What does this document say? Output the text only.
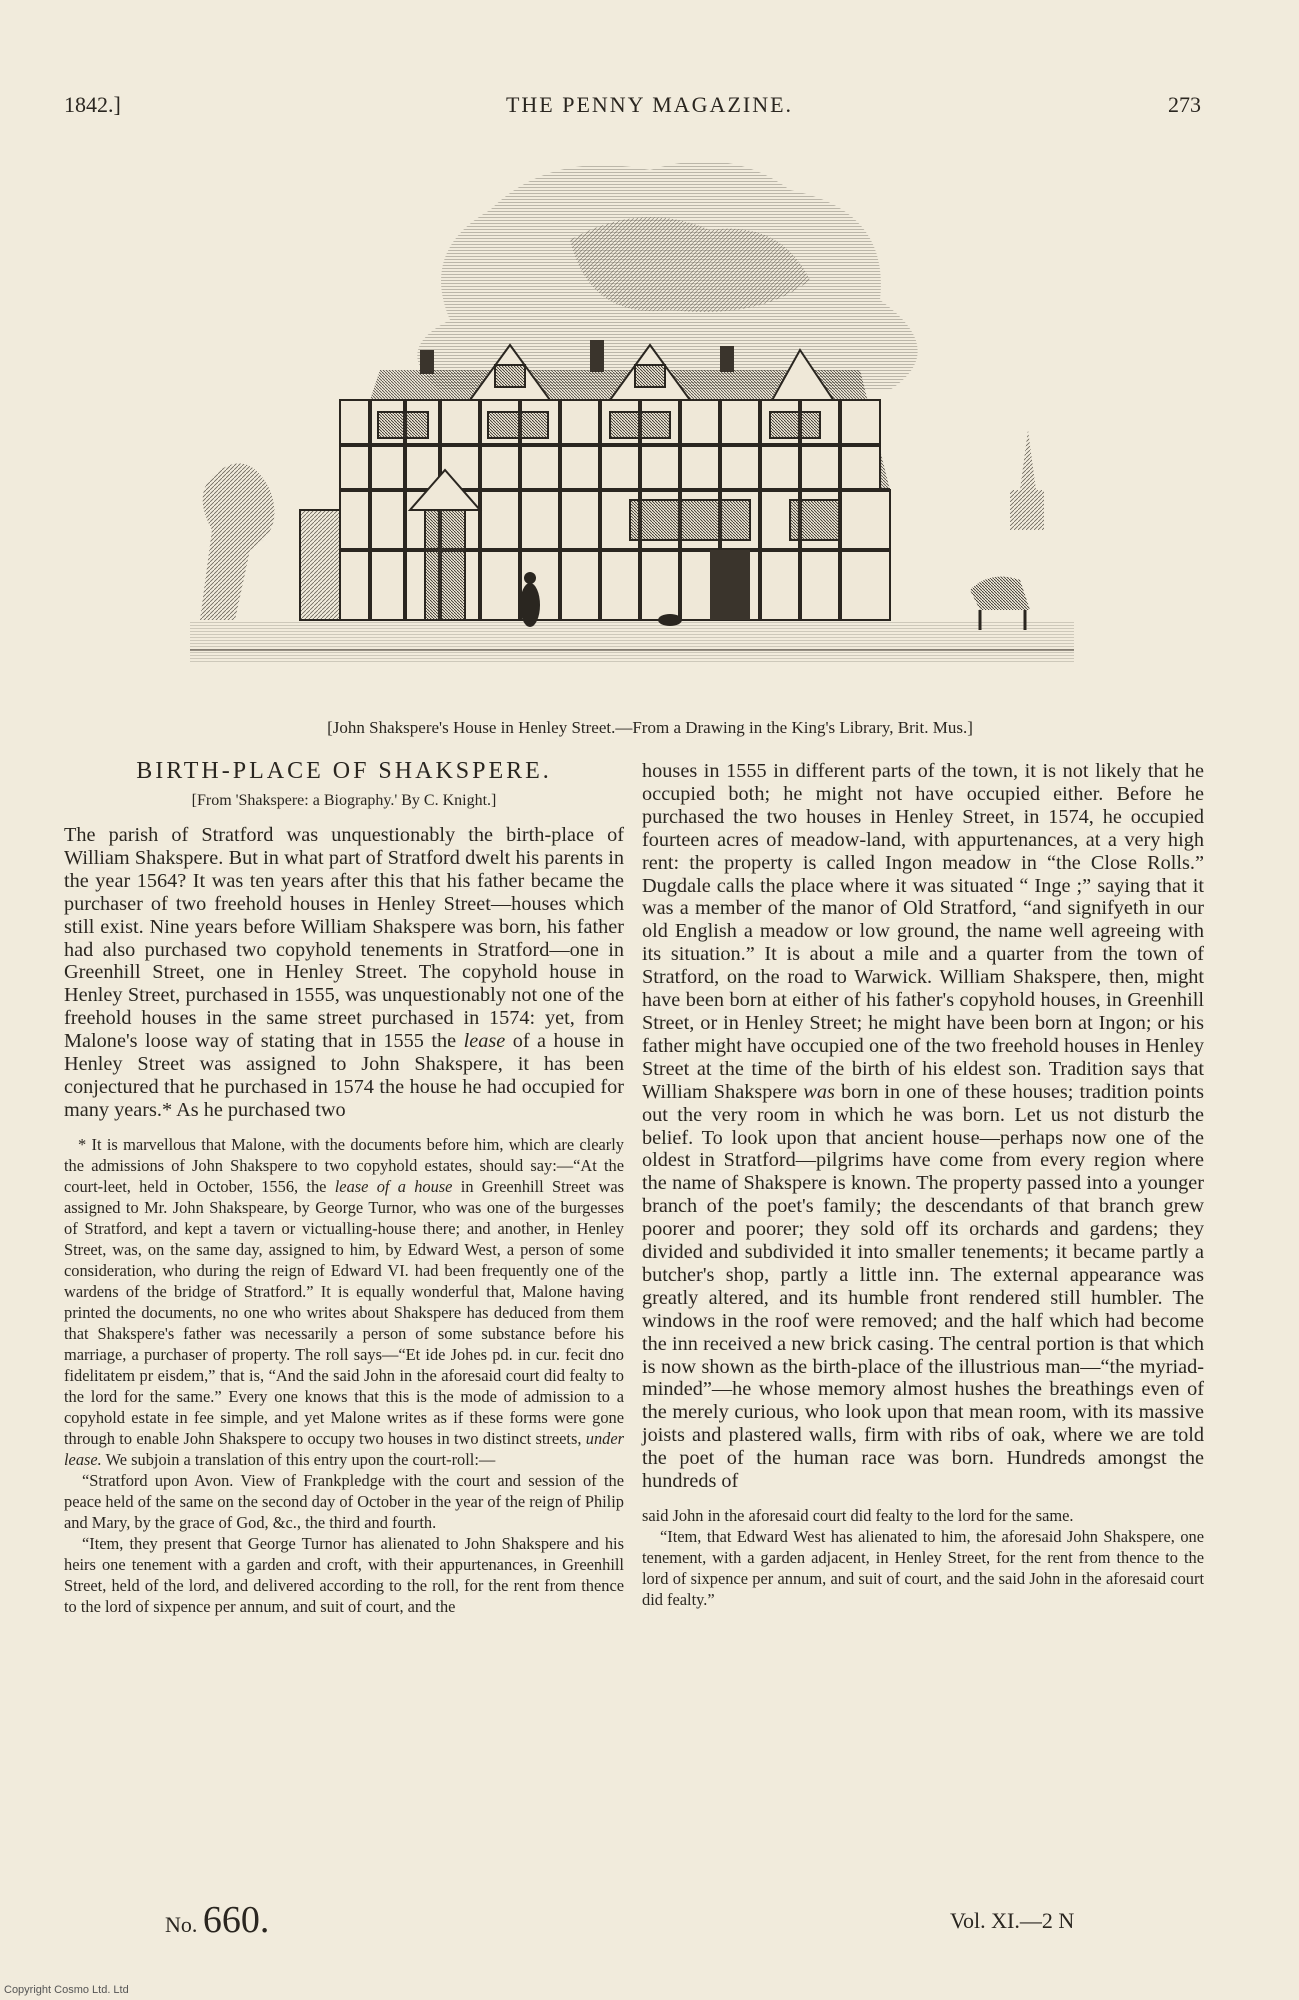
1842.]	THE PENNY MAGAZINE.	273
[John Shakspere's House in Henley Street.—From a Drawing in the King's Library, Brit. Mus.]
BIRTH-PLACE OF SHAKSPERE.
[From 'Shakspere: a Biography.' By C. Knight.]

The parish of Stratford was unquestionably the birth-place of William Shakspere. But in what part of Stratford dwelt his parents in the year 1564? It was ten years after this that his father became the purchaser of two freehold houses in Henley Street—houses which still exist. Nine years before William Shakspere was born, his father had also purchased two copyhold tenements in Stratford—one in Greenhill Street, one in Henley Street. The copyhold house in Henley Street, purchased in 1555, was unquestionably not one of the freehold houses in the same street purchased in 1574: yet, from Malone's loose way of stating that in 1555 the lease of a house in Henley Street was assigned to John Shakspere, it has been conjectured that he purchased in 1574 the house he had occupied for many years.* As he purchased two

* It is marvellous that Malone, with the documents before him, which are clearly the admissions of John Shakspere to two copyhold estates, should say:—“At the court-leet, held in October, 1556, the lease of a house in Greenhill Street was assigned to Mr. John Shakspeare, by George Turnor, who was one of the burgesses of Stratford, and kept a tavern or victualling-house there; and another, in Henley Street, was, on the same day, assigned to him, by Edward West, a person of some consideration, who during the reign of Edward VI. had been frequently one of the wardens of the bridge of Stratford.” It is equally wonderful that, Malone having printed the documents, no one who writes about Shakspere has deduced from them that Shakspere's father was necessarily a person of some substance before his marriage, a purchaser of property. The roll says—“Et ide Johes pd. in cur. fecit dno fidelitatem pr eisdem,” that is, “And the said John in the aforesaid court did fealty to the lord for the same.” Every one knows that this is the mode of admission to a copyhold estate in fee simple, and yet Malone writes as if these forms were gone through to enable John Shakspere to occupy two houses in two distinct streets, under lease. We subjoin a translation of this entry upon the court-roll:—

“Stratford upon Avon. View of Frankpledge with the court and session of the peace held of the same on the second day of October in the year of the reign of Philip and Mary, by the grace of God, &c., the third and fourth.

“Item, they present that George Turnor has alienated to John Shakspere and his heirs one tenement with a garden and croft, with their appurtenances, in Greenhill Street, held of the lord, and delivered according to the roll, for the rent from thence to the lord of sixpence per annum, and suit of court, and the

houses in 1555 in different parts of the town, it is not likely that he occupied both; he might not have occupied either. Before he purchased the two houses in Henley Street, in 1574, he occupied fourteen acres of meadow-land, with appurtenances, at a very high rent: the property is called Ingon meadow in “the Close Rolls.” Dugdale calls the place where it was situated “ Inge ;” saying that it was a member of the manor of Old Stratford, “and signifyeth in our old English a meadow or low ground, the name well agreeing with its situation.” It is about a mile and a quarter from the town of Stratford, on the road to Warwick. William Shakspere, then, might have been born at either of his father's copyhold houses, in Greenhill Street, or in Henley Street; he might have been born at Ingon; or his father might have occupied one of the two freehold houses in Henley Street at the time of the birth of his eldest son. Tradition says that William Shakspere was born in one of these houses; tradition points out the very room in which he was born. Let us not disturb the belief. To look upon that ancient house—perhaps now one of the oldest in Stratford—pilgrims have come from every region where the name of Shakspere is known. The property passed into a younger branch of the poet's family; the descendants of that branch grew poorer and poorer; they sold off its orchards and gardens; they divided and subdivided it into smaller tenements; it became partly a butcher's shop, partly a little inn. The external appearance was greatly altered, and its humble front rendered still humbler. The windows in the roof were removed; and the half which had become the inn received a new brick casing. The central portion is that which is now shown as the birth-place of the illustrious man—“the myriad-minded”—he whose memory almost hushes the breathings even of the merely curious, who look upon that mean room, with its massive joists and plastered walls, firm with ribs of oak, where we are told the poet of the human race was born. Hundreds amongst the hundreds of

said John in the aforesaid court did fealty to the lord for the same.

“Item, that Edward West has alienated to him, the aforesaid John Shakspere, one tenement, with a garden adjacent, in Henley Street, for the rent from thence to the lord of sixpence per annum, and suit of court, and the said John in the aforesaid court did fealty.”

No. 660.	Vol. XI.—2 N
Copyright Cosmo Ltd. Ltd
